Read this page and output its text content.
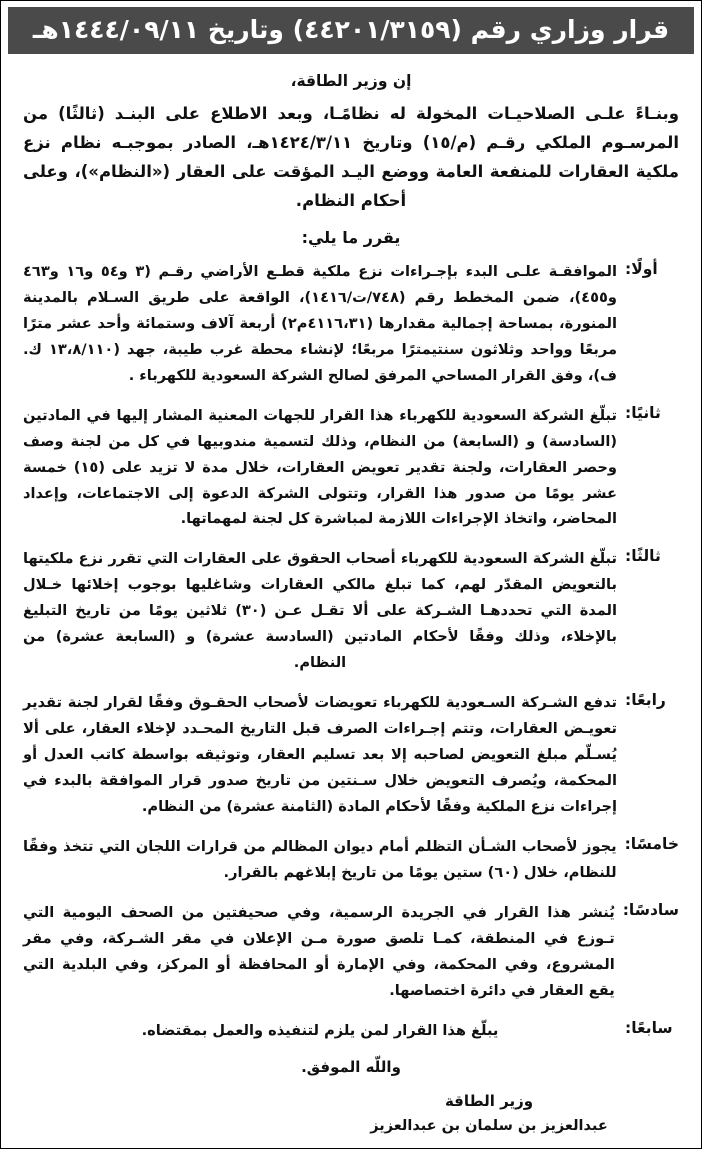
قرار وزاري رقم (٤٤٢٠١/٣١٥٩) وتاريخ ١٤٤٤/٠٩/١١هـ
إن وزير الطاقة،
وبنـاءً علـى الصلاحيـات المخولة له نظامًـا، وبعد الاطلاع على البنـد (ثالثًا) من المرسـوم الملكي رقـم (م/١٥) وتاريخ ١٤٢٤/٣/١١هـ، الصادر بموجبـه نظام نزع ملكية العقارات للمنفعة العامة ووضع اليـد المؤقت على العقار («النظام»)، وعلى أحكام النظام.
يقرر ما يلي:
أولًا:
الموافقـة علـى البدء بإجـراءات نزع ملكية قطـع الأراضي رقـم (٣ و٥٤ و١٦ و٤٦٣ و٤٥٥)، ضمن المخطط رقم (٧٤٨/ت/١٤١٦)، الواقعة على طريق السـلام بالمدينة المنورة، بمساحة إجمالية مقدارها (٤١١٦،٣١م٢) أربعة آلاف وستمائة وأحد عشر مترًا مربعًا وواحد وثلاثون سنتيمترًا مربعًا؛ لإنشاء محطة غرب طيبة، جهد (١٣،٨/١١٠ ك. ف)، وفق القرار المساحي المرفق لصالح الشركة السعودية للكهرباء .
ثانيًا:
تبلّغ الشركة السعودية للكهرباء هذا القرار للجهات المعنية المشار إليها في المادتين (السادسة) و (السابعة) من النظام، وذلك لتسمية مندوبيها في كل من لجنة وصف وحصر العقارات، ولجنة تقدير تعويض العقارات، خلال مدة لا تزيد على (١٥) خمسة عشر يومًا من صدور هذا القرار، وتتولى الشركة الدعوة إلى الاجتماعات، وإعداد المحاضر، واتخاذ الإجراءات اللازمة لمباشرة كل لجنة لمهماتها.
ثالثًا:
تبلّغ الشركة السعودية للكهرباء أصحاب الحقوق على العقارات التي تقرر نزع ملكيتها بالتعويض المقدّر لهم، كما تبلغ مالكي العقارات وشاغليها بوجوب إخلائها خـلال المدة التي تحددهـا الشـركة على ألا تقـل عـن (٣٠) ثلاثين يومًا من تاريخ التبليغ بالإخلاء، وذلك وفقًا لأحكام المادتين (السادسة عشرة) و (السابعة عشرة) من النظام.
رابعًا:
تدفع الشـركة السـعودية للكهرباء تعويضات لأصحاب الحقـوق وفقًا لقرار لجنة تقدير تعويـض العقارات، وتتم إجـراءات الصرف قبل التاريخ المحـدد لإخلاء العقار، على ألا يُسـلّم مبلغ التعويض لصاحبه إلا بعد تسليم العقار، وتوثيقه بواسطة كاتب العدل أو المحكمة، ويُصرف التعويض خلال سـنتين من تاريخ صدور قرار الموافقة بالبدء في إجراءات نزع الملكية وفقًا لأحكام المادة (الثامنة عشرة) من النظام.
خامسًا:
يجوز لأصحاب الشـأن التظلم أمام ديوان المظالم من قرارات اللجان التي تتخذ وفقًا للنظام، خلال (٦٠) ستين يومًا من تاريخ إبلاغهم بالقرار.
سادسًا:
يُنشر هذا القرار في الجريدة الرسمية، وفي صحيفتين من الصحف اليومية التي تـوزع في المنطقة، كمـا تلصق صورة مـن الإعلان في مقر الشـركة، وفي مقر المشروع، وفي المحكمة، وفي الإمارة أو المحافظة أو المركز، وفي البلدية التي يقع العقار في دائرة اختصاصها.
سابعًا:
يبلّغ هذا القرار لمن يلزم لتنفيذه والعمل بمقتضاه.
واللّه الموفق.
وزير الطاقة
عبدالعزيز بن سلمان بن عبدالعزيز
